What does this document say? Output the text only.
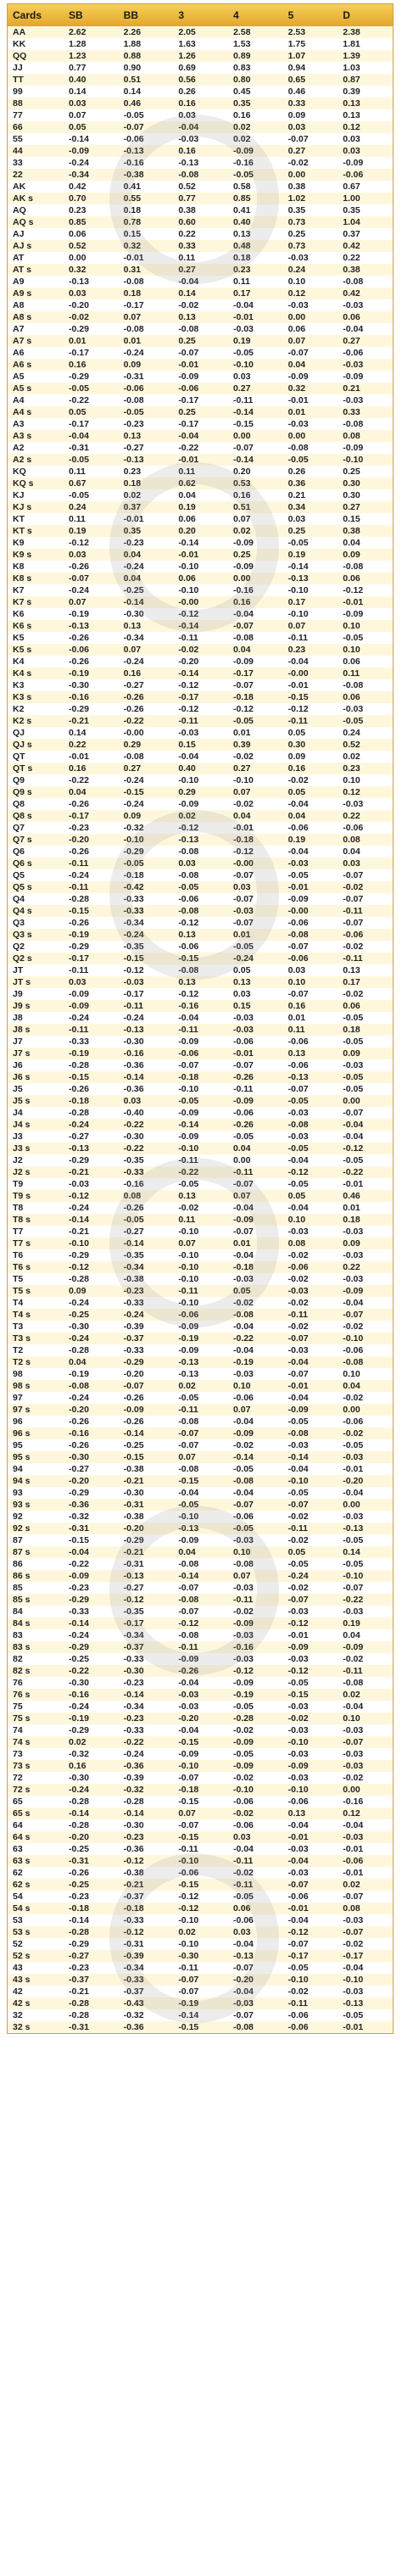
Cards	SB	BB	3	4	5	D
AA	2.62	2.26	2.05	2.58	2.53	2.38
KK	1.28	1.88	1.63	1.53	1.75	1.81
QQ	1.23	0.88	1.26	0.89	1.07	1.39
JJ	0.77	0.90	0.69	0.83	0.94	1.03
TT	0.40	0.51	0.56	0.80	0.65	0.87
99	0.14	0.14	0.26	0.45	0.46	0.39
88	0.03	0.46	0.16	0.35	0.33	0.13
77	0.07	-0.05	0.03	0.16	0.09	0.13
66	0.05	-0.07	-0.04	0.02	0.03	0.12
55	-0.14	-0.06	-0.03	0.02	-0.07	0.03
44	-0.09	-0.13	0.16	-0.09	0.27	0.03
33	-0.24	-0.16	-0.13	-0.16	-0.02	-0.09
22	-0.34	-0.38	-0.08	-0.05	0.00	-0.06
AK	0.42	0.41	0.52	0.58	0.38	0.67
AK s	0.70	0.55	0.77	0.85	1.02	1.00
AQ	0.23	0.18	0.38	0.41	0.35	0.35
AQ s	0.85	0.78	0.60	0.40	0.73	1.04
AJ	0.06	0.15	0.22	0.13	0.25	0.37
AJ s	0.52	0.32	0.33	0.48	0.73	0.42
AT	0.00	-0.01	0.11	0.18	-0.03	0.22
AT s	0.32	0.31	0.27	0.23	0.24	0.38
A9	-0.13	-0.08	-0.04	0.11	0.10	-0.08
A9 s	0.03	0.18	0.14	0.17	0.12	0.42
A8	-0.20	-0.17	-0.02	-0.04	-0.03	-0.03
A8 s	-0.02	0.07	0.13	-0.01	0.00	0.06
A7	-0.29	-0.08	-0.08	-0.03	0.06	-0.04
A7 s	0.01	0.01	0.25	0.19	0.07	0.27
A6	-0.17	-0.24	-0.07	-0.05	-0.07	-0.06
A6 s	0.16	0.09	-0.01	-0.10	0.04	-0.03
A5	-0.29	-0.31	-0.09	0.03	-0.09	-0.09
A5 s	-0.05	-0.06	-0.06	0.27	0.32	0.21
A4	-0.22	-0.08	-0.17	-0.11	-0.01	-0.03
A4 s	0.05	-0.05	0.25	-0.14	0.01	0.33
A3	-0.17	-0.23	-0.17	-0.15	-0.03	-0.08
A3 s	-0.04	0.13	-0.04	0.00	0.00	0.08
A2	-0.31	-0.27	-0.22	-0.07	-0.08	-0.09
A2 s	-0.05	-0.13	-0.01	-0.14	-0.05	-0.10
KQ	0.11	0.23	0.11	0.20	0.26	0.25
KQ s	0.67	0.18	0.62	0.53	0.36	0.30
KJ	-0.05	0.02	0.04	0.16	0.21	0.30
KJ s	0.24	0.37	0.19	0.51	0.34	0.27
KT	0.11	-0.01	0.06	0.07	0.03	0.15
KT s	0.19	0.35	0.20	0.02	0.25	0.38
K9	-0.12	-0.23	-0.14	-0.09	-0.05	0.04
K9 s	0.03	0.04	-0.01	0.25	0.19	0.09
K8	-0.26	-0.24	-0.10	-0.09	-0.14	-0.08
K8 s	-0.07	0.04	0.06	0.00	-0.13	0.06
K7	-0.24	-0.25	-0.10	-0.16	-0.10	-0.12
K7 s	0.07	-0.14	-0.00	0.16	0.17	-0.01
K6	-0.19	-0.30	-0.12	-0.04	-0.10	-0.09
K6 s	-0.13	0.13	-0.14	-0.07	0.07	0.10
K5	-0.26	-0.34	-0.11	-0.08	-0.11	-0.05
K5 s	-0.06	0.07	-0.02	0.04	0.23	0.10
K4	-0.26	-0.24	-0.20	-0.09	-0.04	0.06
K4 s	-0.19	0.16	-0.14	-0.17	-0.00	0.11
K3	-0.30	-0.27	-0.12	-0.07	-0.01	-0.08
K3 s	-0.16	-0.26	-0.17	-0.18	-0.15	0.06
K2	-0.29	-0.26	-0.12	-0.12	-0.12	-0.03
K2 s	-0.21	-0.22	-0.11	-0.05	-0.11	-0.05
QJ	0.14	-0.00	-0.03	0.01	0.05	0.24
QJ s	0.22	0.29	0.15	0.39	0.30	0.52
QT	-0.01	-0.08	-0.04	-0.02	0.09	0.02
QT s	0.16	0.27	0.40	0.27	0.16	0.23
Q9	-0.22	-0.24	-0.10	-0.10	-0.02	0.10
Q9 s	0.04	-0.15	0.29	0.07	0.05	0.12
Q8	-0.26	-0.24	-0.09	-0.02	-0.04	-0.03
Q8 s	-0.17	0.09	0.02	0.04	0.04	0.22
Q7	-0.23	-0.32	-0.12	-0.01	-0.06	-0.06
Q7 s	-0.20	-0.10	-0.13	-0.18	0.19	0.08
Q6	-0.26	-0.29	-0.08	-0.12	-0.04	0.04
Q6 s	-0.11	-0.05	0.03	-0.00	-0.03	0.03
Q5	-0.24	-0.18	-0.08	-0.07	-0.05	-0.07
Q5 s	-0.11	-0.42	-0.05	0.03	-0.01	-0.02
Q4	-0.28	-0.33	-0.06	-0.07	-0.09	-0.07
Q4 s	-0.15	-0.33	-0.08	-0.03	-0.00	-0.11
Q3	-0.26	-0.34	-0.12	-0.07	-0.06	-0.07
Q3 s	-0.19	-0.24	0.13	0.01	-0.08	-0.06
Q2	-0.29	-0.35	-0.06	-0.05	-0.07	-0.02
Q2 s	-0.17	-0.15	-0.15	-0.24	-0.06	-0.11
JT	-0.11	-0.12	-0.08	0.05	0.03	0.13
JT s	0.03	-0.03	0.13	0.13	0.10	0.17
J9	-0.09	-0.17	-0.12	0.03	-0.07	-0.02
J9 s	-0.09	-0.11	-0.16	0.15	0.16	0.06
J8	-0.24	-0.24	-0.04	-0.03	0.01	-0.05
J8 s	-0.11	-0.13	-0.11	-0.03	0.11	0.18
J7	-0.33	-0.30	-0.09	-0.06	-0.06	-0.05
J7 s	-0.19	-0.16	-0.06	-0.01	0.13	0.09
J6	-0.28	-0.36	-0.07	-0.07	-0.06	-0.03
J6 s	-0.15	-0.14	-0.18	-0.26	-0.13	-0.05
J5	-0.26	-0.36	-0.10	-0.11	-0.07	-0.05
J5 s	-0.18	0.03	-0.05	-0.09	-0.05	0.00
J4	-0.28	-0.40	-0.09	-0.06	-0.03	-0.07
J4 s	-0.24	-0.22	-0.14	-0.26	-0.08	-0.04
J3	-0.27	-0.30	-0.09	-0.05	-0.03	-0.04
J3 s	-0.13	-0.22	-0.10	0.04	-0.05	-0.12
J2	-0.29	-0.35	-0.11	0.00	-0.04	-0.05
J2 s	-0.21	-0.33	-0.22	-0.11	-0.12	-0.22
T9	-0.03	-0.16	-0.05	-0.07	-0.05	-0.01
T9 s	-0.12	0.08	0.13	0.07	0.05	0.46
T8	-0.24	-0.26	-0.02	-0.04	-0.04	0.01
T8 s	-0.14	-0.05	0.11	-0.09	0.10	0.18
T7	-0.21	-0.27	-0.10	-0.07	-0.03	-0.03
T7 s	-0.10	-0.14	0.07	0.01	0.08	0.09
T6	-0.29	-0.35	-0.10	-0.04	-0.02	-0.03
T6 s	-0.12	-0.34	-0.10	-0.18	-0.06	0.22
T5	-0.28	-0.38	-0.10	-0.03	-0.02	-0.03
T5 s	0.09	-0.23	-0.11	0.05	-0.03	-0.09
T4	-0.24	-0.33	-0.10	-0.02	-0.02	-0.04
T4 s	-0.25	-0.24	-0.06	-0.08	-0.11	-0.07
T3	-0.30	-0.39	-0.09	-0.04	-0.02	-0.02
T3 s	-0.24	-0.37	-0.19	-0.22	-0.07	-0.10
T2	-0.28	-0.33	-0.09	-0.04	-0.03	-0.06
T2 s	0.04	-0.29	-0.13	-0.19	-0.04	-0.08
98	-0.19	-0.20	-0.13	-0.03	-0.07	0.10
98 s	-0.08	-0.07	0.02	0.10	-0.01	0.04
97	-0.24	-0.26	-0.05	-0.06	-0.04	-0.02
97 s	-0.20	-0.09	-0.11	0.07	-0.09	0.00
96	-0.26	-0.26	-0.08	-0.04	-0.05	-0.06
96 s	-0.16	-0.14	-0.07	-0.09	-0.08	-0.02
95	-0.26	-0.25	-0.07	-0.02	-0.03	-0.05
95 s	-0.30	-0.15	0.07	-0.14	-0.14	-0.03
94	-0.27	-0.38	-0.08	-0.05	-0.04	-0.01
94 s	-0.20	-0.21	-0.15	-0.08	-0.10	-0.20
93	-0.29	-0.30	-0.04	-0.04	-0.05	-0.04
93 s	-0.36	-0.31	-0.05	-0.07	-0.07	0.00
92	-0.32	-0.38	-0.10	-0.06	-0.02	-0.03
92 s	-0.31	-0.20	-0.13	-0.05	-0.11	-0.13
87	-0.15	-0.29	-0.09	-0.03	-0.02	-0.05
87 s	-0.04	-0.21	0.04	0.10	0.05	0.14
86	-0.22	-0.31	-0.08	-0.08	-0.05	-0.05
86 s	-0.09	-0.13	-0.14	0.07	-0.24	-0.10
85	-0.23	-0.27	-0.07	-0.03	-0.02	-0.07
85 s	-0.29	-0.12	-0.08	-0.11	-0.07	-0.22
84	-0.33	-0.35	-0.07	-0.02	-0.03	-0.03
84 s	-0.14	-0.17	-0.12	-0.09	-0.12	0.19
83	-0.24	-0.34	-0.08	-0.03	-0.01	0.04
83 s	-0.29	-0.37	-0.11	-0.16	-0.09	-0.09
82	-0.25	-0.33	-0.09	-0.03	-0.03	-0.02
82 s	-0.22	-0.30	-0.26	-0.12	-0.12	-0.11
76	-0.30	-0.23	-0.04	-0.09	-0.05	-0.08
76 s	-0.16	-0.14	-0.03	-0.19	-0.15	0.02
75	-0.24	-0.34	-0.03	-0.05	-0.03	-0.04
75 s	-0.19	-0.23	-0.20	-0.28	-0.02	0.10
74	-0.29	-0.33	-0.04	-0.02	-0.03	-0.03
74 s	0.02	-0.22	-0.15	-0.09	-0.10	-0.07
73	-0.32	-0.24	-0.09	-0.05	-0.03	-0.03
73 s	0.16	-0.36	-0.10	-0.09	-0.09	-0.03
72	-0.30	-0.39	-0.07	-0.02	-0.03	-0.02
72 s	-0.24	-0.32	-0.18	-0.10	-0.10	0.00
65	-0.28	-0.28	-0.15	-0.06	-0.06	-0.16
65 s	-0.14	-0.14	0.07	-0.02	0.13	0.12
64	-0.28	-0.30	-0.07	-0.06	-0.04	-0.04
64 s	-0.20	-0.23	-0.15	0.03	-0.01	-0.03
63	-0.25	-0.36	-0.11	-0.04	-0.03	-0.01
63 s	-0.31	-0.12	-0.10	-0.11	-0.04	-0.06
62	-0.26	-0.38	-0.06	-0.02	-0.03	-0.01
62 s	-0.25	-0.21	-0.15	-0.11	-0.07	0.02
54	-0.23	-0.37	-0.12	-0.05	-0.06	-0.07
54 s	-0.18	-0.18	-0.12	0.06	-0.01	0.08
53	-0.14	-0.33	-0.10	-0.06	-0.04	-0.03
53 s	-0.28	-0.12	0.02	0.03	-0.12	-0.07
52	-0.29	-0.31	-0.10	-0.04	-0.07	-0.02
52 s	-0.27	-0.39	-0.30	-0.13	-0.17	-0.17
43	-0.23	-0.34	-0.11	-0.07	-0.05	-0.04
43 s	-0.37	-0.33	-0.07	-0.20	-0.10	-0.10
42	-0.21	-0.37	-0.07	-0.04	-0.02	-0.03
42 s	-0.28	-0.43	-0.19	-0.03	-0.11	-0.13
32	-0.28	-0.32	-0.14	-0.07	-0.06	-0.05
32 s	-0.31	-0.36	-0.15	-0.08	-0.06	-0.01
